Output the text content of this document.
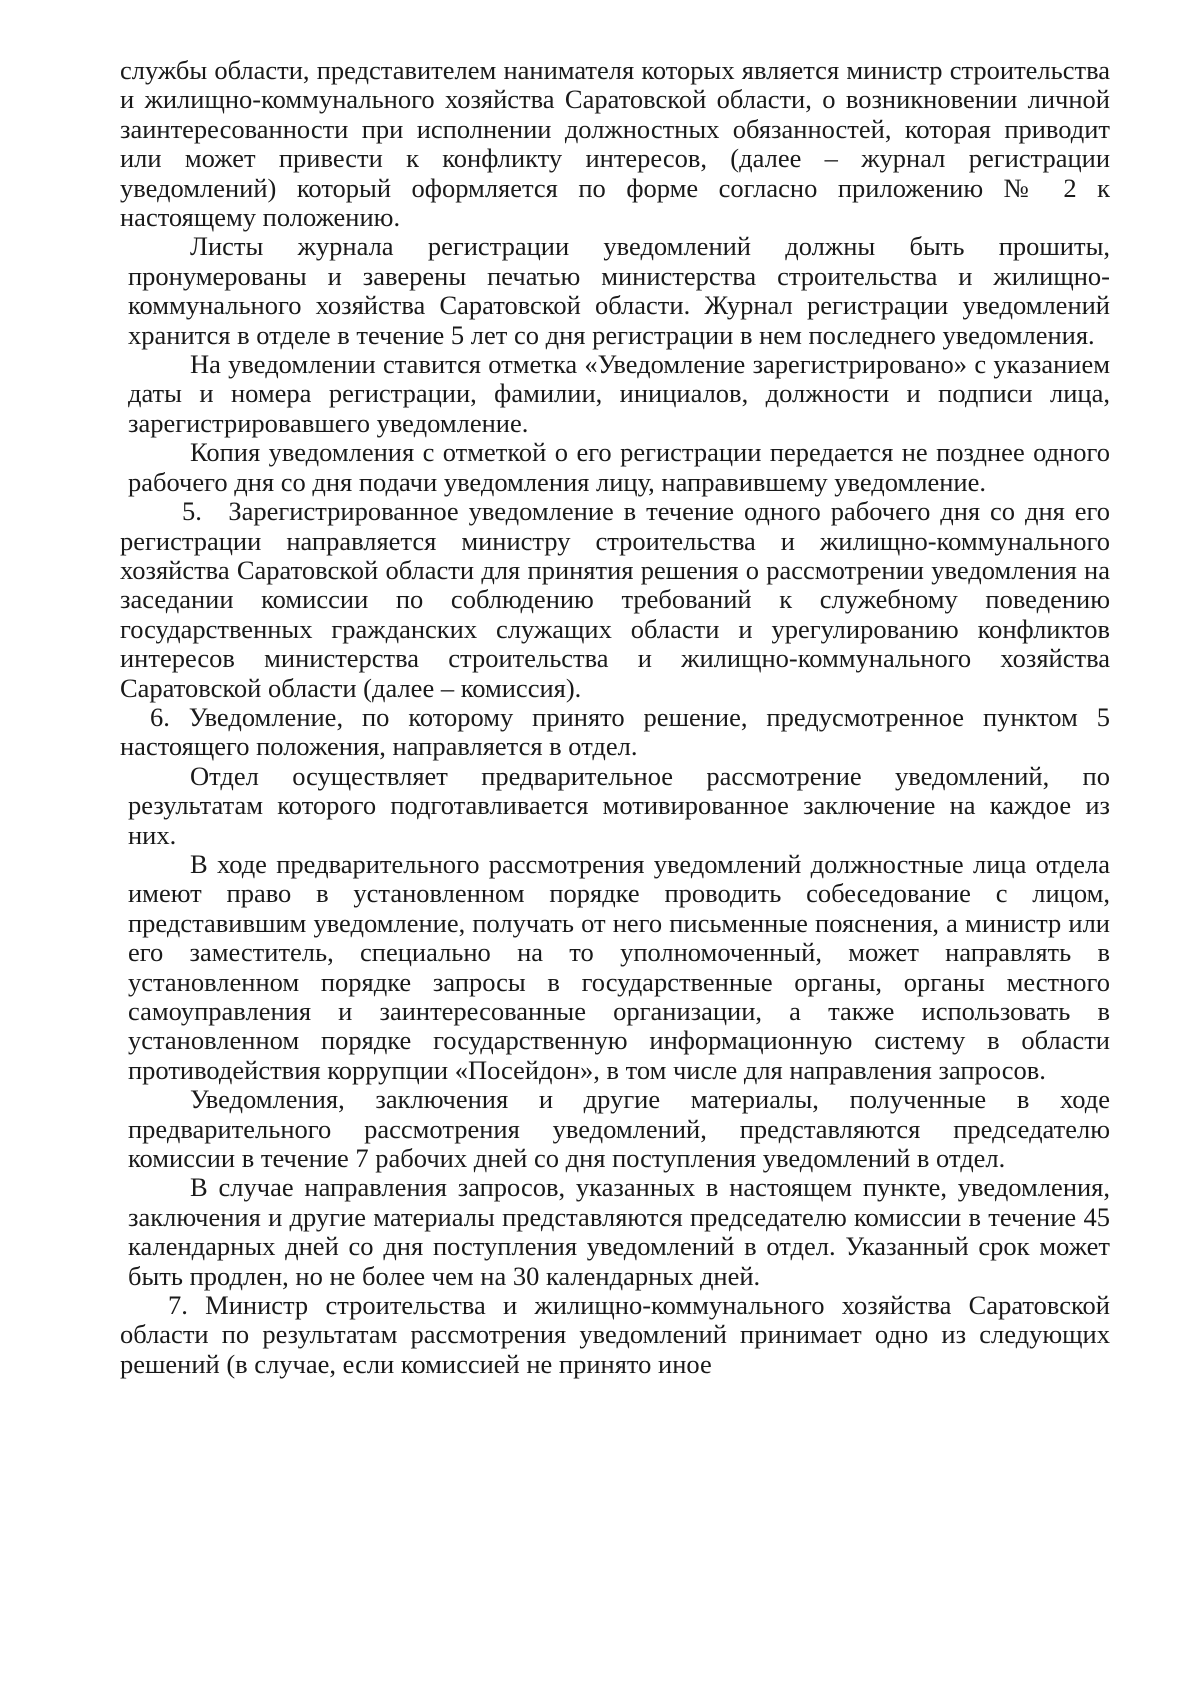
службы области, представителем нанимателя которых является министр строительства и жилищно-коммунального хозяйства Саратовской области, о возникновении личной заинтересованности при исполнении должностных обязанностей, которая приводит или может привести к конфликту интересов, (далее – журнал регистрации уведомлений) который оформляется по форме согласно приложению № 2 к настоящему положению.

Листы журнала регистрации уведомлений должны быть прошиты, пронумерованы и заверены печатью министерства строительства и жилищно-коммунального хозяйства Саратовской области. Журнал регистрации уведомлений хранится в отделе в течение 5 лет со дня регистрации в нем последнего уведомления.

На уведомлении ставится отметка «Уведомление зарегистрировано» с указанием даты и номера регистрации, фамилии, инициалов, должности и подписи лица, зарегистрировавшего уведомление.

Копия уведомления с отметкой о его регистрации передается не позднее одного рабочего дня со дня подачи уведомления лицу, направившему уведомление.

5. Зарегистрированное уведомление в течение одного рабочего дня со дня его регистрации направляется министру строительства и жилищно-коммунального хозяйства Саратовской области для принятия решения о рассмотрении уведомления на заседании комиссии по соблюдению требований к служебному поведению государственных гражданских служащих области и урегулированию конфликтов интересов министерства строительства и жилищно-коммунального хозяйства Саратовской области (далее – комиссия).

6. Уведомление, по которому принято решение, предусмотренное пунктом 5 настоящего положения, направляется в отдел.

Отдел осуществляет предварительное рассмотрение уведомлений, по результатам которого подготавливается мотивированное заключение на каждое из них.

В ходе предварительного рассмотрения уведомлений должностные лица отдела имеют право в установленном порядке проводить собеседование с лицом, представившим уведомление, получать от него письменные пояснения, а министр или его заместитель, специально на то уполномоченный, может направлять в установленном порядке запросы в государственные органы, органы местного самоуправления и заинтересованные организации, а также использовать в установленном порядке государственную информационную систему в области противодействия коррупции «Посейдон», в том числе для направления запросов.

Уведомления, заключения и другие материалы, полученные в ходе предварительного рассмотрения уведомлений, представляются председателю комиссии в течение 7 рабочих дней со дня поступления уведомлений в отдел.

В случае направления запросов, указанных в настоящем пункте, уведомления, заключения и другие материалы представляются председателю комиссии в течение 45 календарных дней со дня поступления уведомлений в отдел. Указанный срок может быть продлен, но не более чем на 30 календарных дней.

7. Министр строительства и жилищно-коммунального хозяйства Саратовской области по результатам рассмотрения уведомлений принимает одно из следующих решений (в случае, если комиссией не принято иное
